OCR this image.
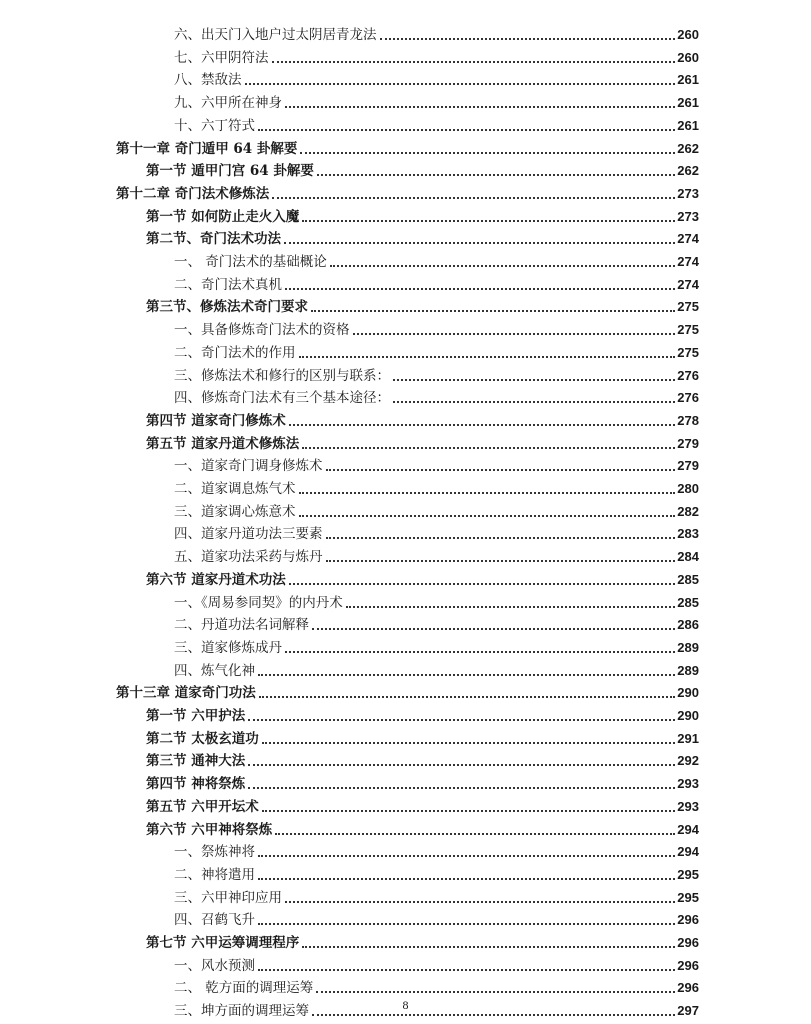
六、出天门入地户过太阴居青龙法	260
七、六甲阴符法	260
八、禁敌法	261
九、六甲所在神身	261
十、六丁符式	261
第十一章 奇门遁甲 64 卦解要	262
第一节 遁甲门宫 64 卦解要	262
第十二章 奇门法术修炼法	273
第一节 如何防止走火入魔	273
第二节、奇门法术功法	274
一、 奇门法术的基础概论	274
二、奇门法术真机	274
第三节、修炼法术奇门要求	275
一、具备修炼奇门法术的资格	275
二、奇门法术的作用	275
三、修炼法术和修行的区别与联系：	276
四、修炼奇门法术有三个基本途径：	276
第四节 道家奇门修炼术	278
第五节 道家丹道术修炼法	279
一、道家奇门调身修炼术	279
二、道家调息炼气术	280
三、道家调心炼意术	282
四、道家丹道功法三要素	283
五、道家功法采药与炼丹	284
第六节 道家丹道术功法	285
一、《周易参同契》的内丹术	285
二、丹道功法名词解释	286
三、道家修炼成丹	289
四、炼气化神	289
第十三章 道家奇门功法	290
第一节 六甲护法	290
第二节 太极玄道功	291
第三节 通神大法	292
第四节 神将祭炼	293
第五节 六甲开坛术	293
第六节 六甲神将祭炼	294
一、祭炼神将	294
二、神将遣用	295
三、六甲神印应用	295
四、召鹤飞升	296
第七节 六甲运筹调理程序	296
一、风水预测	296
二、 乾方面的调理运筹	296
三、坤方面的调理运筹	297
8
